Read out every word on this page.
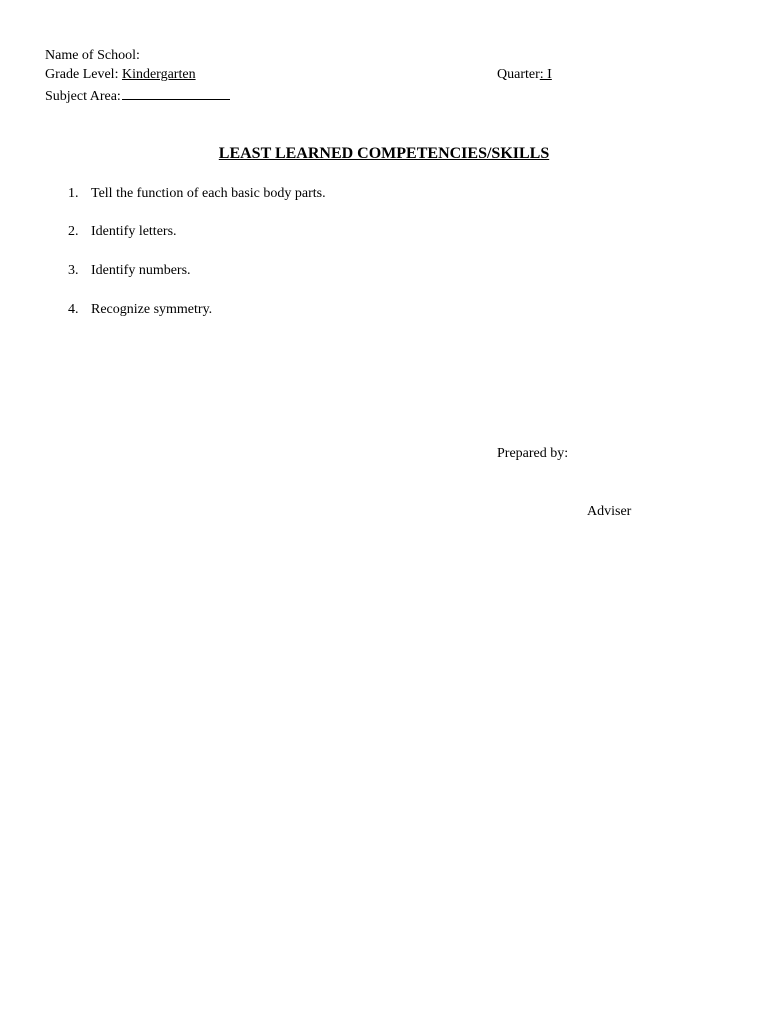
Name of School:
Grade Level: Kindergarten	Quarter: I
Subject Area:
LEAST LEARNED COMPETENCIES/SKILLS
1. Tell the function of each basic body parts.
2. Identify letters.
3. Identify numbers.
4. Recognize symmetry.
Prepared by:
Adviser
